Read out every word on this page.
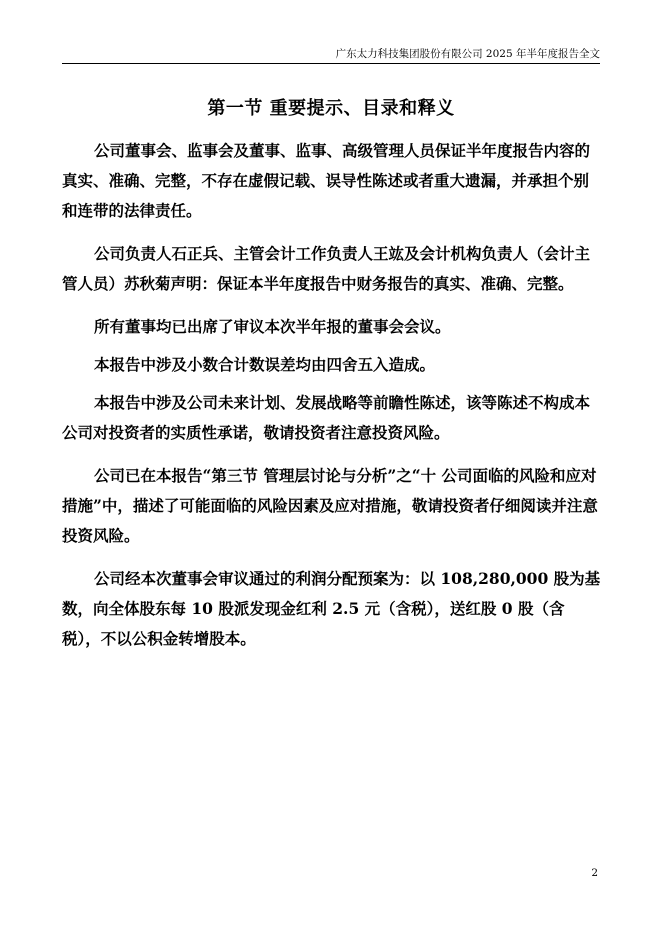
广东太力科技集团股份有限公司 2025 年半年度报告全文
第一节 重要提示、目录和释义

公司董事会、监事会及董事、监事、高级管理人员保证半年度报告内容的真实、准确、完整，不存在虚假记载、误导性陈述或者重大遗漏，并承担个别和连带的法律责任。

公司负责人石正兵、主管会计工作负责人王竑及会计机构负责人（会计主管人员）苏秋菊声明：保证本半年度报告中财务报告的真实、准确、完整。

所有董事均已出席了审议本次半年报的董事会会议。

本报告中涉及小数合计数误差均由四舍五入造成。

本报告中涉及公司未来计划、发展战略等前瞻性陈述，该等陈述不构成本公司对投资者的实质性承诺，敬请投资者注意投资风险。

公司已在本报告“第三节 管理层讨论与分析”之“十 公司面临的风险和应对措施”中，描述了可能面临的风险因素及应对措施，敬请投资者仔细阅读并注意投资风险。

公司经本次董事会审议通过的利润分配预案为：以 108,280,000 股为基数，向全体股东每 10 股派发现金红利 2.5 元（含税），送红股 0 股（含税），不以公积金转增股本。

2
